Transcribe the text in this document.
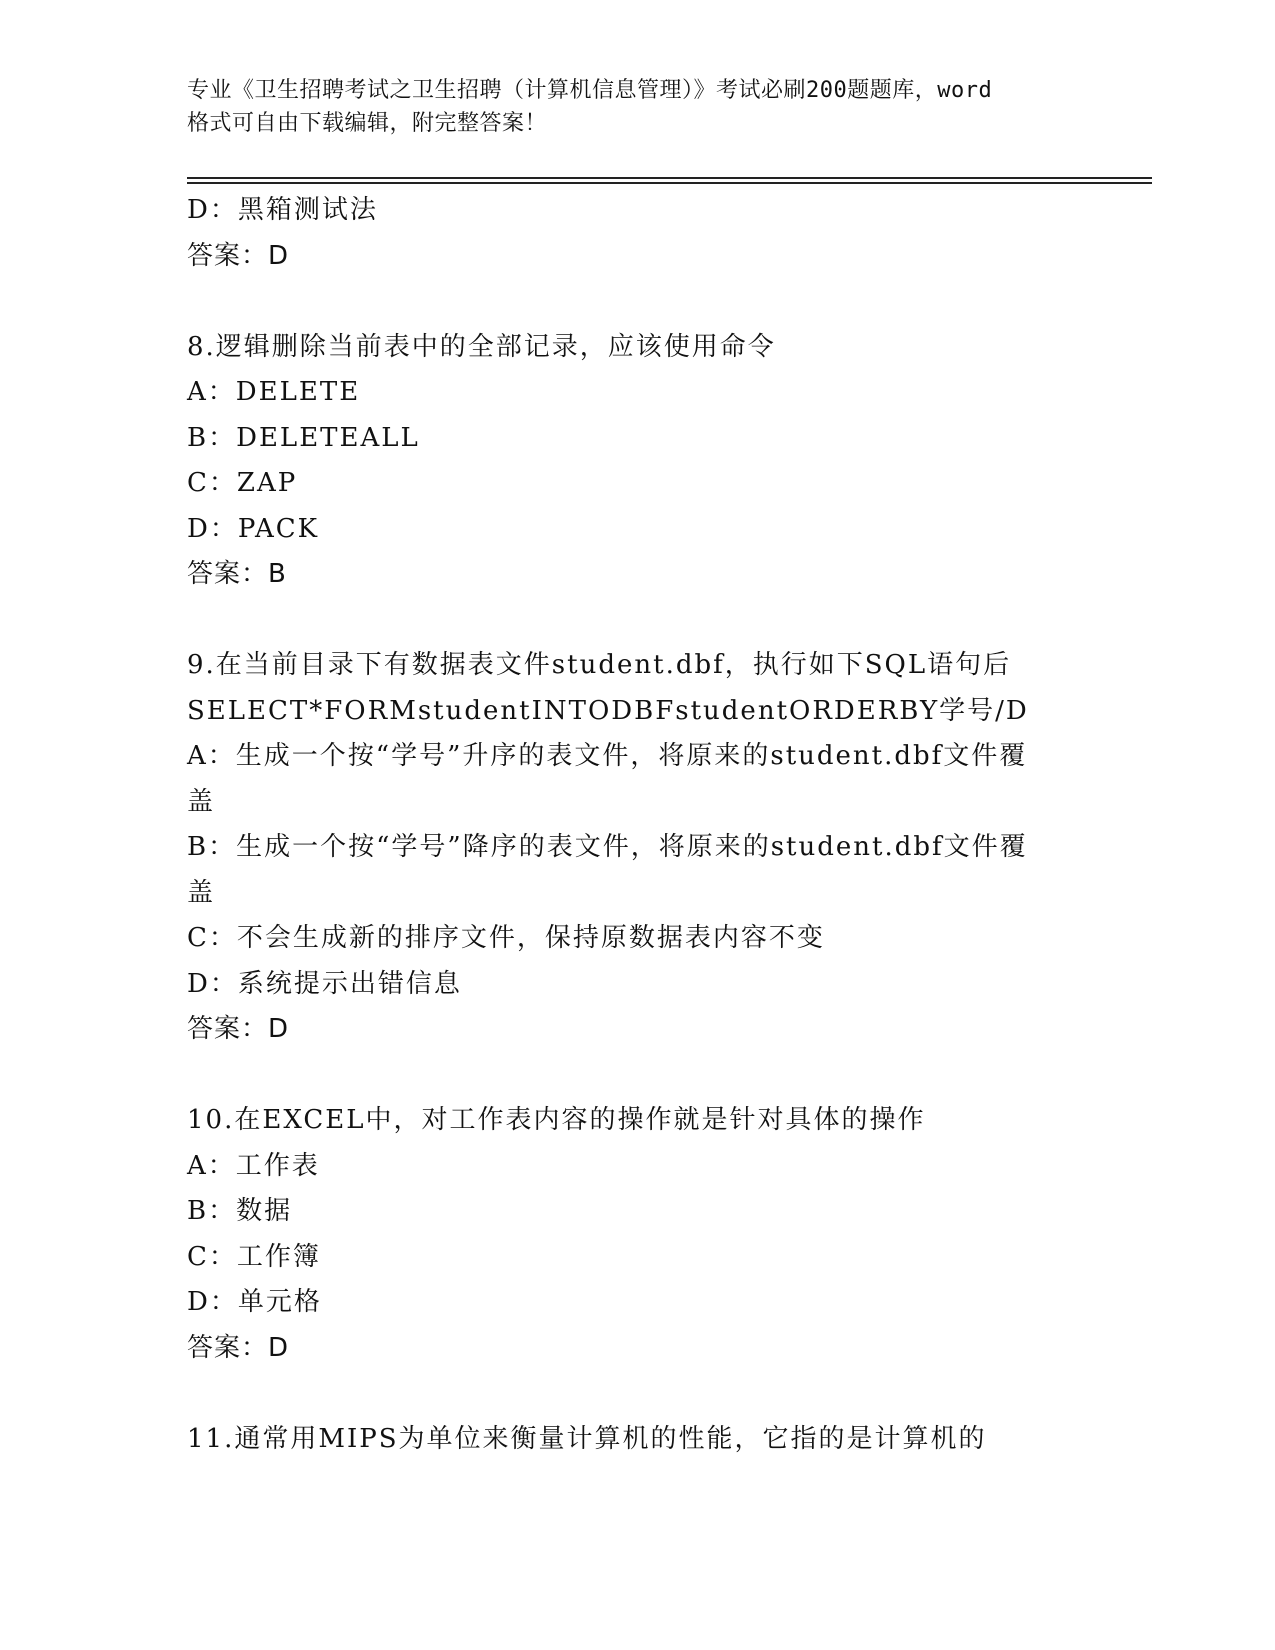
专业《卫生招聘考试之卫生招聘（计算机信息管理）》考试必刷200题题库，word
格式可自由下载编辑，附完整答案！
D：黑箱测试法
答案：D
8.逻辑删除当前表中的全部记录，应该使用命令
A：DELETE
B：DELETEALL
C：ZAP
D：PACK
答案：B
9.在当前目录下有数据表文件student.dbf，执行如下SQL语句后
SELECT*FORMstudentINTODBFstudentORDERBY学号/D
A：生成一个按“学号”升序的表文件，将原来的student.dbf文件覆
盖
B：生成一个按“学号”降序的表文件，将原来的student.dbf文件覆
盖
C：不会生成新的排序文件，保持原数据表内容不变
D：系统提示出错信息
答案：D
10.在EXCEL中，对工作表内容的操作就是针对具体的操作
A：工作表
B：数据
C：工作簿
D：单元格
答案：D
11.通常用MIPS为单位来衡量计算机的性能，它指的是计算机的
